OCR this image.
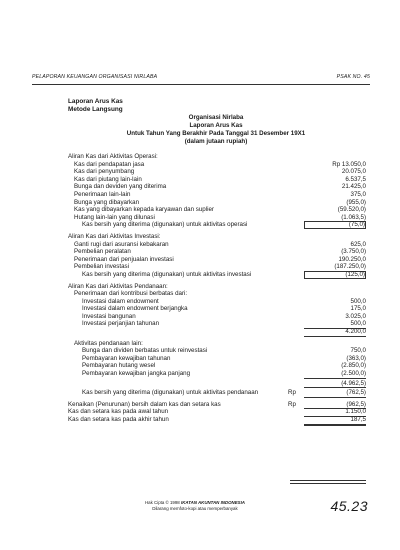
PELAPORAN KEUANGAN ORGANISASI NIRLABA	PSAK NO. 45
Laporan Arus Kas
Metode Langsung
Organisasi Nirlaba
Laporan Arus Kas
Untuk Tahun Yang Berakhir Pada Tanggal 31 Desember 19X1
(dalam jutaan rupiah)
Aliran Kas dari Aktivitas Operasi:
Kas dari pendapatan jasa	Rp 13.050,0
Kas dari penyumbang	20.075,0
Kas dari piutang lain-lain	6.537,5
Bunga dan deviden yang diterima	21.425,0
Penerimaan lain-lain	375,0
Bunga yang dibayarkan	(955,0)
Kas yang dibayarkan kepada karyawan dan suplier	(59.520,0)
Hutang lain-lain yang dilunasi	(1.063,5)
Kas bersih yang diterima (digunakan) untuk aktivitas operasi	(75,0)
Aliran Kas dari Aktivitas Investasi:
Ganti rugi dari asuransi kebakaran	625,0
Pembelian peralatan	(3.750,0)
Penerimaan dari penjualan investasi	190.250,0
Pembelian investasi	(187.250,0)
Kas bersih yang diterima (digunakan) untuk aktivitas investasi	(125,0)
Aliran Kas dari Aktivitas Pendanaan:
Penerimaan dari kontribusi berbatas dari:
Investasi dalam endowment	500,0
Investasi dalam endowment berjangka	175,0
Investasi bangunan	3.025,0
Investasi perjanjian tahunan	500,0
4.200,0
Aktivitas pendanaan lain:
Bunga dan dividen berbatas untuk reinvestasi	750,0
Pembayaran kewajiban tahunan	(363,0)
Pembayaran hutang wesel	(2.850,0)
Pembayaran kewajiban jangka panjang	(2.500,0)
(4.962,5)
Kas bersih yang diterima (digunakan) untuk aktivitas pendanaan	Rp	(762,5)
Kenaikan (Penurunan) bersih dalam kas dan setara kas	Rp	(962,5)
Kas dan setara kas pada awal tahun	1.150,0
Kas dan setara kas pada akhir tahun	187,5
Hak Cipta © 1998 IKATAN AKUNTAN INDONESIA
Dilarang memfoto-kopi atau memperbanyak	45.23
